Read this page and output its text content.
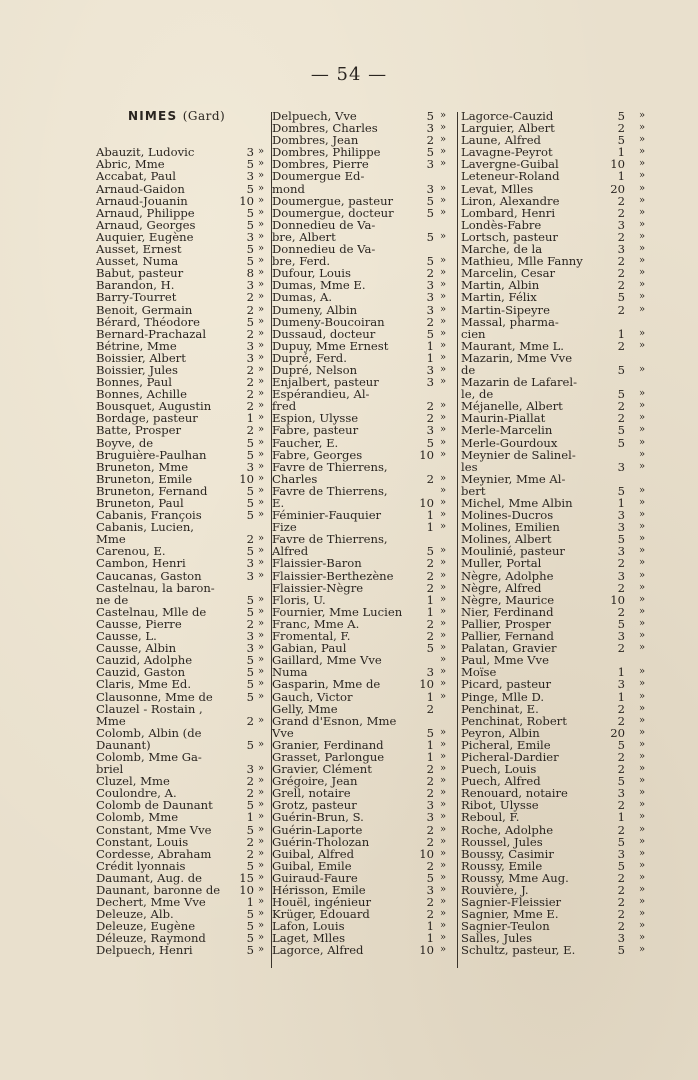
— 54 —
NIMES (Gard)
Abauzit, Ludovic	3 »
Abric, Mme	5 »
Accabat, Paul	3 »
Arnaud-Gaidon	5 »
Arnaud-Jouanin	10 »
Arnaud, Philippe	5 »
Arnaud, Georges	5 »
Auquier, Eugène	3 »
Ausset, Ernest	5 »
Ausset, Numa	5 »
Babut, pasteur	8 »
Barandon, H.	3 »
Barry-Tourret	2 »
Benoit, Germain	2 »
Bérard, Théodore	5 »
Bernard-Prachazal	2 »
Bétrine, Mme	3 »
Boissier, Albert	3 »
Boissier, Jules	2 »
Bonnes, Paul	2 »
Bonnes, Achille	2 »
Bousquet, Augustin	2 »
Bordage, pasteur	1 »
Batte, Prosper	2 »
Boyve, de	5 »
Bruguière-Paulhan	5 »
Bruneton, Mme	3 »
Bruneton, Emile	10 »
Bruneton, Fernand	5 »
Bruneton, Paul	5 »
Cabanis, François	5 »
Cabanis, Lucien,
Mme	2 »
Carenou, E.	5 »
Cambon, Henri	3 »
Caucanas, Gaston	3 »
Castelnau, la baron-
ne de	5 »
Castelnau, Mlle de	5 »
Causse, Pierre	2 »
Causse, L.	3 »
Causse, Albin	3 »
Cauzid, Adolphe	5 »
Cauzid, Gaston	5 »
Claris, Mme Ed.	5 »
Clausonne, Mme de	5 »
Clauzel - Rostain ,
Mme	2 »
Colomb, Albin (de
Daunant)	5 »
Colomb, Mme Ga-
briel	3 »
Cluzel, Mme	2 »
Coulondre, A.	2 »
Colomb de Daunant	5 »
Colomb, Mme	1 »
Constant, Mme Vve	5 »
Constant, Louis	2 »
Cordesse, Abraham	2 »
Crédit lyonnais	5 »
Daumant, Aug. de	15 »
Daunant, baronne de	10 »
Dechert, Mme Vve	1 »
Deleuze, Alb.	5 »
Deleuze, Eugène	5 »
Déleuze, Raymond	5 »
Delpuech, Henri	5 »
Delpuech, Vve	5 »
Dombres, Charles	3 »
Dombres, Jean	2 »
Dombres, Philippe	5 »
Dombres, Pierre	3 »
Doumergue Ed-
mond	3 »
Doumergue, pasteur	5 »
Doumergue, docteur	5 »
Donnedieu de Va-
bre, Albert	5 »
Donnedieu de Va-
bre, Ferd.	5 »
Dufour, Louis	2 »
Dumas, Mme E.	3 »
Dumas, A.	3 »
Dumeny, Albin	3 »
Dumeny-Boucoiran	2 »
Dussaud, docteur	5 »
Dupuy, Mme Ernest	1 »
Dupré, Ferd.	1 »
Dupré, Nelson	3 »
Enjalbert, pasteur	3 »
Espérandieu, Al-
fred	2 »
Espion, Ulysse	2 »
Fabre, pasteur	3 »
Faucher, E.	5 »
Fabre, Georges	10 »
Favre de Thierrens,
Charles	2 »
Favre de Thierrens,	»
E.	10 »
Féminier-Fauquier	1 »
Fize	1 »
Favre de Thierrens,
Alfred	5 »
Flaissier-Baron	2 »
Flaissier-Berthezène	2 »
Flaissier-Nègre	2 »
Floris, U.	1 »
Fournier, Mme Lucien	1 »
Franc, Mme A.	2 »
Fromental, F.	2 »
Gabian, Paul	5 »
Gaillard, Mme Vve	»
Numa	3 »
Gasparin, Mme de	10 »
Gauch, Victor	1 »
Gelly, Mme	2
Grand d'Esnon, Mme
Vve	5 »
Granier, Ferdinand	1 »
Grasset, Parlongue	1 »
Gravier, Clément	2 »
Grégoire, Jean	2 »
Grell, notaire	2 »
Grotz, pasteur	3 »
Guérin-Brun, S.	3 »
Guérin-Laporte	2 »
Guérin-Tholozan	2 »
Guibal, Alfred	10 »
Guibal, Emile	2 »
Guiraud-Faure	5 »
Hérisson, Emile	3 »
Houël, ingénieur	2 »
Krüger, Edouard	2 »
Lafon, Louis	1 »
Laget, Mlles	1 »
Lagorce, Alfred	10 »
Lagorce-Cauzid	5 »
Larguier, Albert	2 »
Laune, Alfred	5 »
Lavagne-Peyrot	1 »
Lavergne-Guibal	10 »
Leteneur-Roland	1 »
Levat, Mlles	20 »
Liron, Alexandre	2 »
Lombard, Henri	2 »
Londès-Fabre	3 »
Lortsch, pasteur	2 »
Marche, de la	3 »
Mathieu, Mlle Fanny	2 »
Marcelin, Cesar	2 »
Martin, Albin	2 »
Martin, Félix	5 »
Martin-Sipeyre	2 »
Massal, pharma-
cien	1 »
Maurant, Mme L.	2 »
Mazarin, Mme Vve
de	5 »
Mazarin de Lafarel-
le, de	5 »
Méjanelle, Albert	2 »
Maurin-Piallat	2 »
Merle-Marcelin	5 »
Merle-Gourdoux	5 »
Meynier de Salinel-	»
les	3 »
Meynier, Mme Al-
bert	5 »
Michel, Mme Albin	1 »
Molines-Ducros	3 »
Molines, Emilien	3 »
Molines, Albert	5 »
Moulinié, pasteur	3 »
Muller, Portal	2 »
Nègre, Adolphe	3 »
Nègre, Alfred	2 »
Nègre, Maurice	10 »
Nier, Ferdinand	2 »
Pallier, Prosper	5 »
Pallier, Fernand	3 »
Palatan, Gravier	2 »
Paul, Mme Vve
Moïse	1 »
Picard, pasteur	3 »
Pinge, Mlle D.	1 »
Penchinat, E.	2 »
Penchinat, Robert	2 »
Peyron, Albin	20 »
Picheral, Emile	5 »
Picheral-Dardier	2 »
Puech, Louis	2 »
Puech, Alfred	5 »
Renouard, notaire	3 »
Ribot, Ulysse	2 »
Reboul, F.	1 »
Roche, Adolphe	2 »
Roussel, Jules	5 »
Boussy, Casimir	3 »
Roussy, Emile	5 »
Roussy, Mme Aug.	2 »
Rouvière, J.	2 »
Sagnier-Fleissier	2 »
Sagnier, Mme E.	2 »
Sagnier-Teulon	2 »
Salles, Jules	3 »
Schultz, pasteur, E.	5 »
